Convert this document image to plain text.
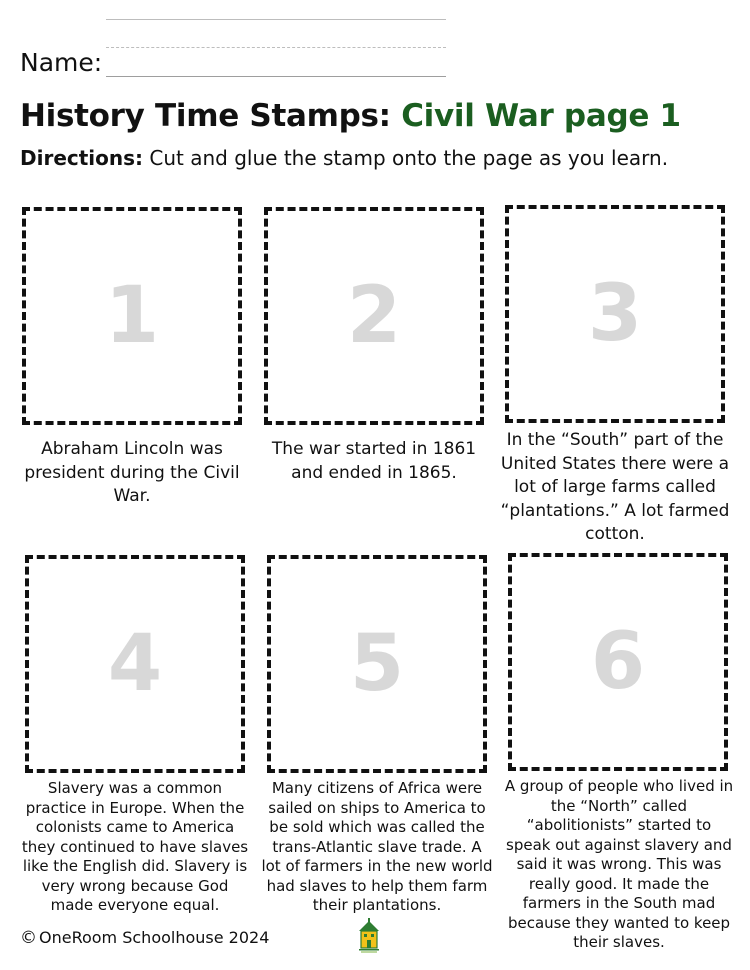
Name:
History Time Stamps: Civil War page 1
Directions: Cut and glue the stamp onto the page as you learn.
1
Abraham Lincoln was president during the Civil War.
2
The war started in 1861 and ended in 1865.
3
In the “South” part of the United States there were a lot of large farms called “plantations.” A lot farmed cotton.
4
Slavery was a common practice in Europe. When the colonists came to America they continued to have slaves like the English did. Slavery is very wrong because God made everyone equal.
5
Many citizens of Africa were sailed on ships to America to be sold which was called the trans-Atlantic slave trade. A lot of farmers in the new world had slaves to help them farm their plantations.
6
A group of people who lived in the “North” called “abolitionists” started to speak out against slavery and said it was wrong. This was really good. It made the farmers in the South mad because they wanted to keep their slaves.
© OneRoom Schoolhouse 2024
